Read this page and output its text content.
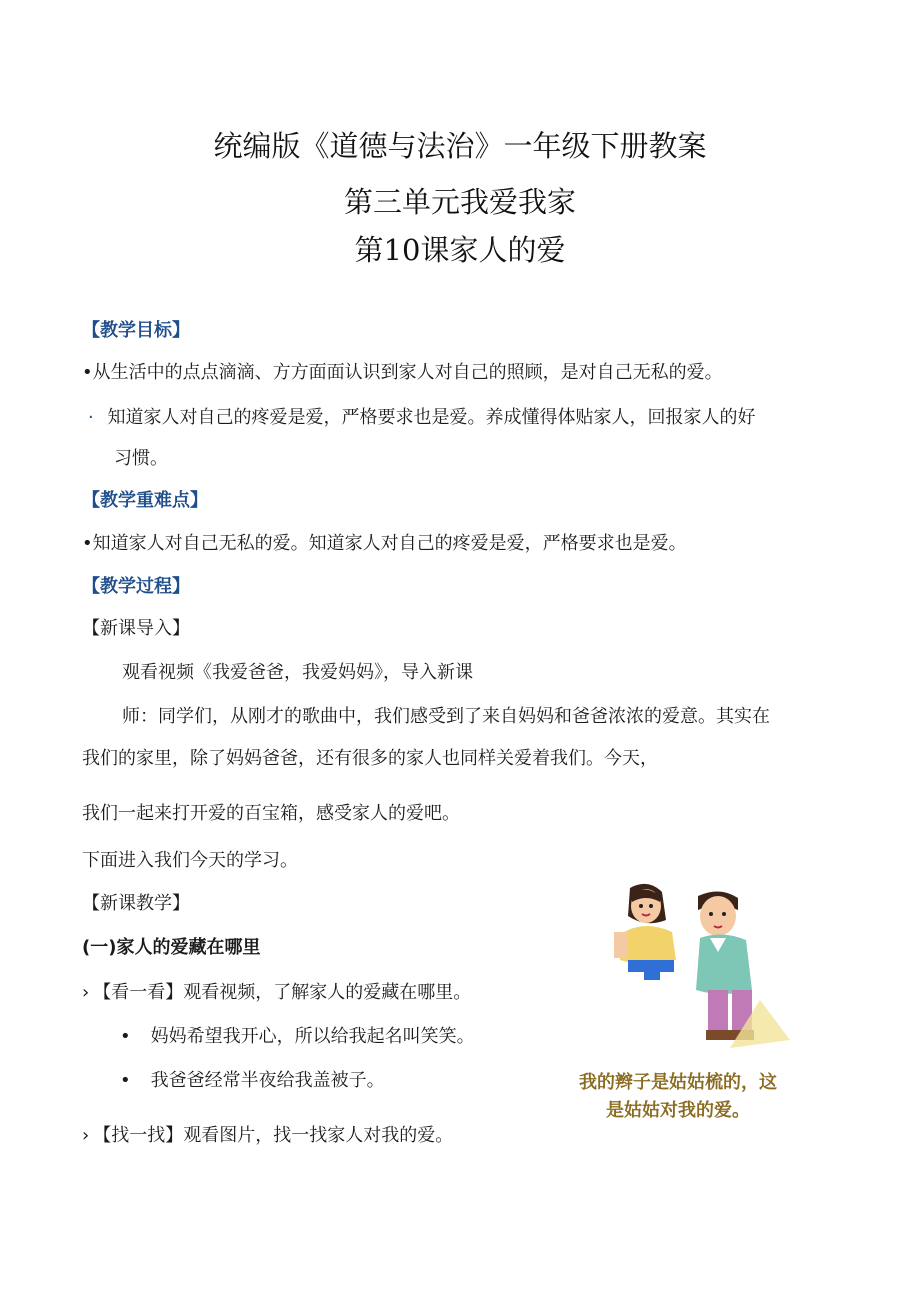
统编版《道德与法治》一年级下册教案
第三单元我爱我家
第10课家人的爱
【教学目标】
•从生活中的点点滴滴、方方面面认识到家人对自己的照顾，是对自己无私的爱。
· 知道家人对自己的疼爱是爱，严格要求也是爱。养成懂得体贴家人，回报家人的好
习惯。
【教学重难点】
•知道家人对自己无私的爱。知道家人对自己的疼爱是爱，严格要求也是爱。
【教学过程】
【新课导入】
观看视频《我爱爸爸，我爱妈妈》，导入新课
师：同学们，从刚才的歌曲中，我们感受到了来自妈妈和爸爸浓浓的爱意。其实在
我们的家里，除了妈妈爸爸，还有很多的家人也同样关爱着我们。今天，
我们一起来打开爱的百宝箱，感受家人的爱吧。
下面进入我们今天的学习。
【新课教学】
(一)家人的爱藏在哪里
› 【看一看】观看视频，了解家人的爱藏在哪里。
• 妈妈希望我开心，所以给我起名叫笑笑。
• 我爸爸经常半夜给我盖被子。
› 【找一找】观看图片，找一找家人对我的爱。
我的辫子是姑姑梳的，这
是姑姑对我的爱。
